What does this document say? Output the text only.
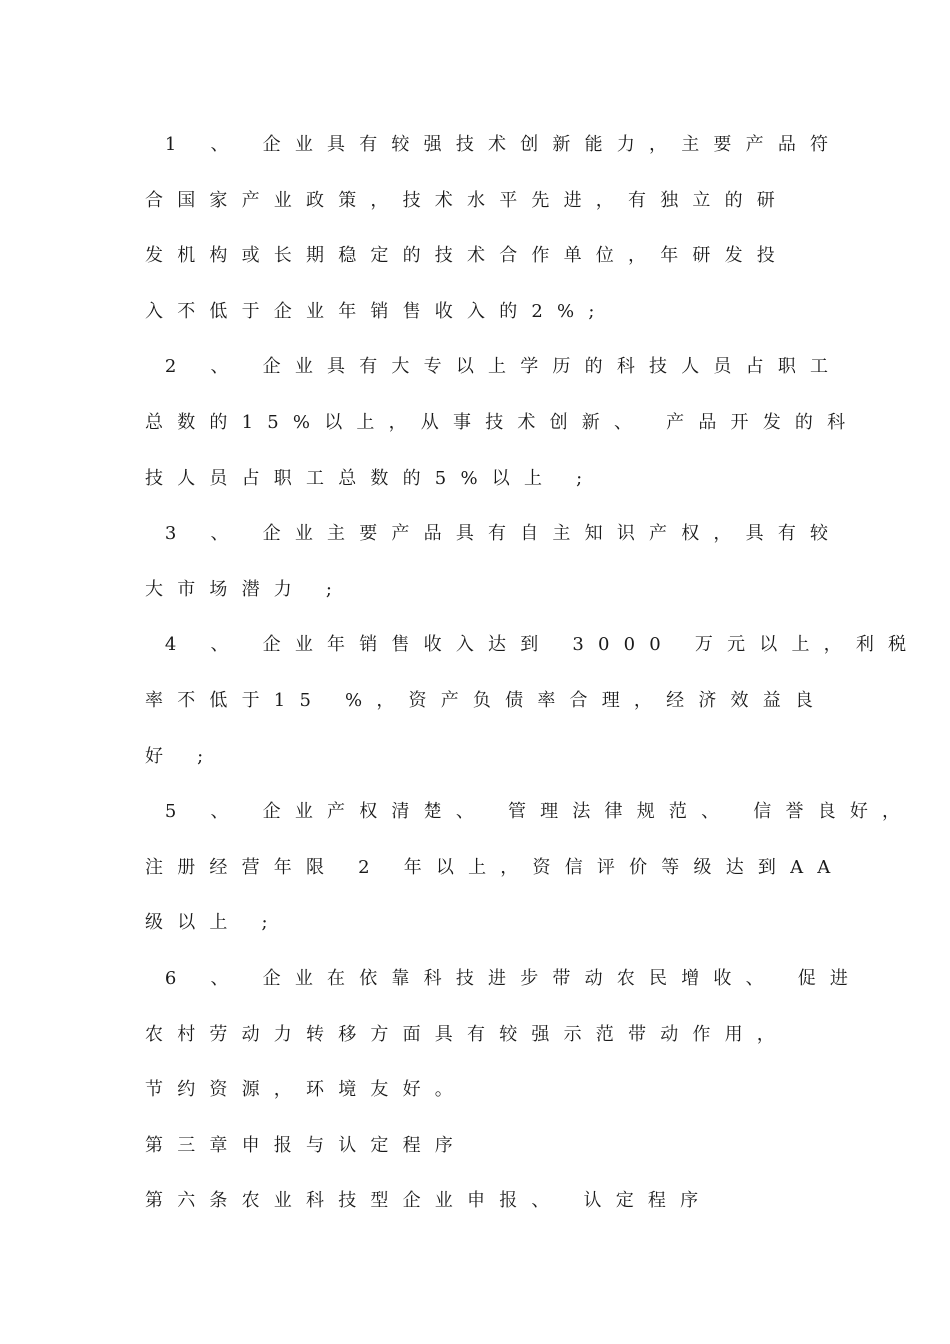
1 、 企业具有较强技术创新能力，主要产品符

合国家产业政策，技术水平先进，有独立的研

发机构或长期稳定的技术合作单位，年研发投

入不低于企业年销售收入的2%;

2 、 企业具有大专以上学历的科技人员占职工

总数的15%以上，从事技术创新、 产品开发的科

技人员占职工总数的5%以上 ;

3 、 企业主要产品具有自主知识产权，具有较

大市场潜力 ;

4 、 企业年销售收入达到 3000 万元以上，利税

率不低于15 %，资产负债率合理，经济效益良

好 ;

5 、 企业产权清楚、 管理法律规范、 信誉良好，

注册经营年限 2 年以上，资信评价等级达到AA

级以上 ;

6 、 企业在依靠科技进步带动农民增收、 促进

农村劳动力转移方面具有较强示范带动作用，

节约资源，环境友好。

第三章申报与认定程序

第六条农业科技型企业申报、 认定程序
